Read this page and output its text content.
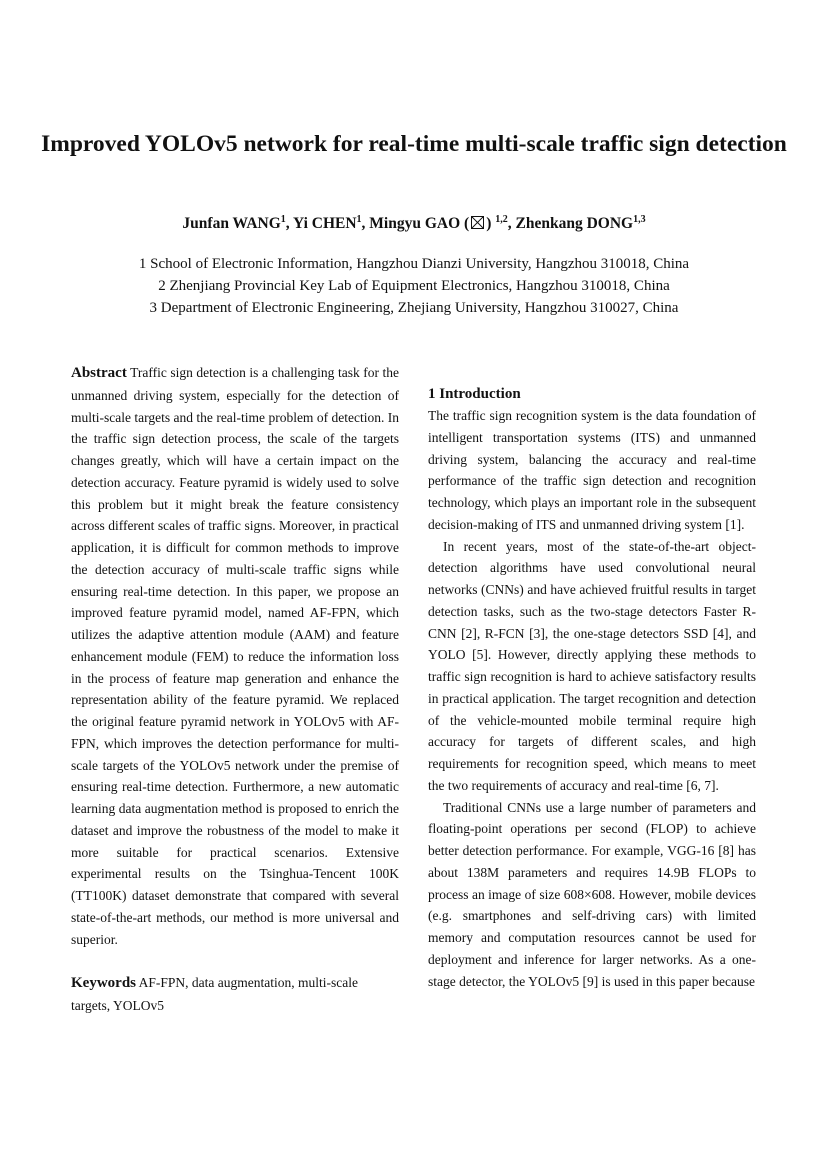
Improved YOLOv5 network for real-time multi-scale traffic sign detection
Junfan WANG$^1$, Yi CHEN$^1$, Mingyu GAO ( ) $^{1,2}$, Zhenkang DONG$^{1,3}$
1 School of Electronic Information, Hangzhou Dianzi University, Hangzhou 310018, China
2 Zhenjiang Provincial Key Lab of Equipment Electronics, Hangzhou 310018, China
3 Department of Electronic Engineering, Zhejiang University, Hangzhou 310027, China

Abstract Traffic sign detection is a challenging task for the unmanned driving system, especially for the detection of multi-scale targets and the real-time problem of detection. In the traffic sign detection process, the scale of the targets changes greatly, which will have a certain impact on the detection accuracy. Feature pyramid is widely used to solve this problem but it might break the feature consistency across different scales of traffic signs. Moreover, in practical application, it is difficult for common methods to improve the detection accuracy of multi-scale traffic signs while ensuring real-time detection. In this paper, we propose an improved feature pyramid model, named AF-FPN, which utilizes the adaptive attention module (AAM) and feature enhancement module (FEM) to reduce the information loss in the process of feature map generation and enhance the representation ability of the feature pyramid. We replaced the original feature pyramid network in YOLOv5 with AF-FPN, which improves the detection performance for multi-scale targets of the YOLOv5 network under the premise of ensuring real-time detection. Furthermore, a new automatic learning data augmentation method is proposed to enrich the dataset and improve the robustness of the model to make it more suitable for practical scenarios. Extensive experimental results on the Tsinghua-Tencent 100K (TT100K) dataset demonstrate that compared with several state-of-the-art methods, our method is more universal and superior.

Keywords AF-FPN, data augmentation, multi-scale targets, YOLOv5

1 Introduction

The traffic sign recognition system is the data foundation of intelligent transportation systems (ITS) and unmanned driving system, balancing the accuracy and real-time performance of the traffic sign detection and recognition technology, which plays an important role in the subsequent decision-making of ITS and unmanned driving system [1].

In recent years, most of the state-of-the-art object-detection algorithms have used convolutional neural networks (CNNs) and have achieved fruitful results in target detection tasks, such as the two-stage detectors Faster R-CNN [2], R-FCN [3], the one-stage detectors SSD [4], and YOLO [5]. However, directly applying these methods to traffic sign recognition is hard to achieve satisfactory results in practical application. The target recognition and detection of the vehicle-mounted mobile terminal require high accuracy for targets of different scales, and high requirements for recognition speed, which means to meet the two requirements of accuracy and real-time [6, 7].

Traditional CNNs use a large number of parameters and floating-point operations per second (FLOP) to achieve better detection performance. For example, VGG-16 [8] has about 138M parameters and requires 14.9B FLOPs to process an image of size 608×608. However, mobile devices (e.g. smartphones and self-driving cars) with limited memory and computation resources cannot be used for deployment and inference for larger networks. As a one-stage detector, the YOLOv5 [9] is used in this paper because
